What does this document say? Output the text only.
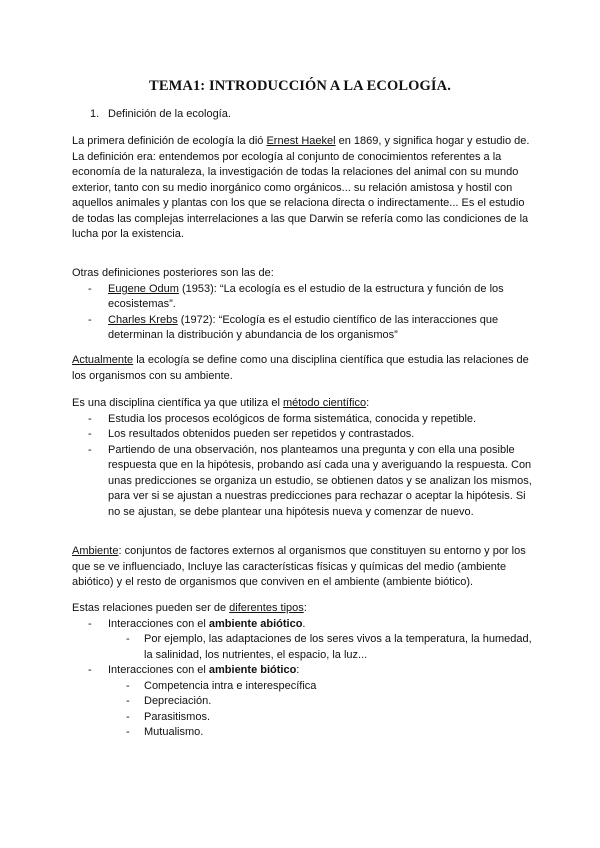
TEMA1: INTRODUCCIÓN A LA ECOLOGÍA.
1. Definición de la ecología.

La primera definición de ecología la dió Ernest Haekel en 1869, y significa hogar y estudio de.

La definición era: entendemos por ecología al conjunto de conocimientos referentes a la economía de la naturaleza, la investigación de todas la relaciones del animal con su mundo exterior, tanto con su medio inorgánico como orgánicos... su relación amistosa y hostil con aquellos animales y plantas con los que se relaciona directa o indirectamente... Es el estudio de todas las complejas interrelaciones a las que Darwin se refería como las condiciones de la lucha por la existencia.

Otras definiciones posteriores son las de:

- Eugene Odum (1953): “La ecología es el estudio de la estructura y función de los ecosistemas”.
- Charles Krebs (1972): “Ecología es el estudio científico de las interacciones que determinan la distribución y abundancia de los organismos”

Actualmente la ecología se define como una disciplina científica que estudia las relaciones de los organismos con su ambiente.

Es una disciplina científica ya que utiliza el método científico:

- Estudia los procesos ecológicos de forma sistemática, conocida y repetible.
- Los resultados obtenidos pueden ser repetidos y contrastados.
- Partiendo de una observación, nos planteamos una pregunta y con ella una posible respuesta que en la hipótesis, probando así cada una y averiguando la respuesta. Con unas predicciones se organiza un estudio, se obtienen datos y se analizan los mismos, para ver si se ajustan a nuestras predicciones para rechazar o aceptar la hipótesis. Si no se ajustan, se debe plantear una hipótesis nueva y comenzar de nuevo.

Ambiente: conjuntos de factores externos al organismos que constituyen su entorno y por los que se ve influenciado, Incluye las características físicas y químicas del medio (ambiente abiótico) y el resto de organismos que conviven en el ambiente (ambiente biótico).

Estas relaciones pueden ser de diferentes tipos:

- Interacciones con el ambiente abiótico.
- Por ejemplo, las adaptaciones de los seres vivos a la temperatura, la humedad, la salinidad, los nutrientes, el espacio, la luz...
- Interacciones con el ambiente biótico:
- Competencia intra e interespecífica
- Depreciación.
- Parasitismos.
- Mutualismo.
